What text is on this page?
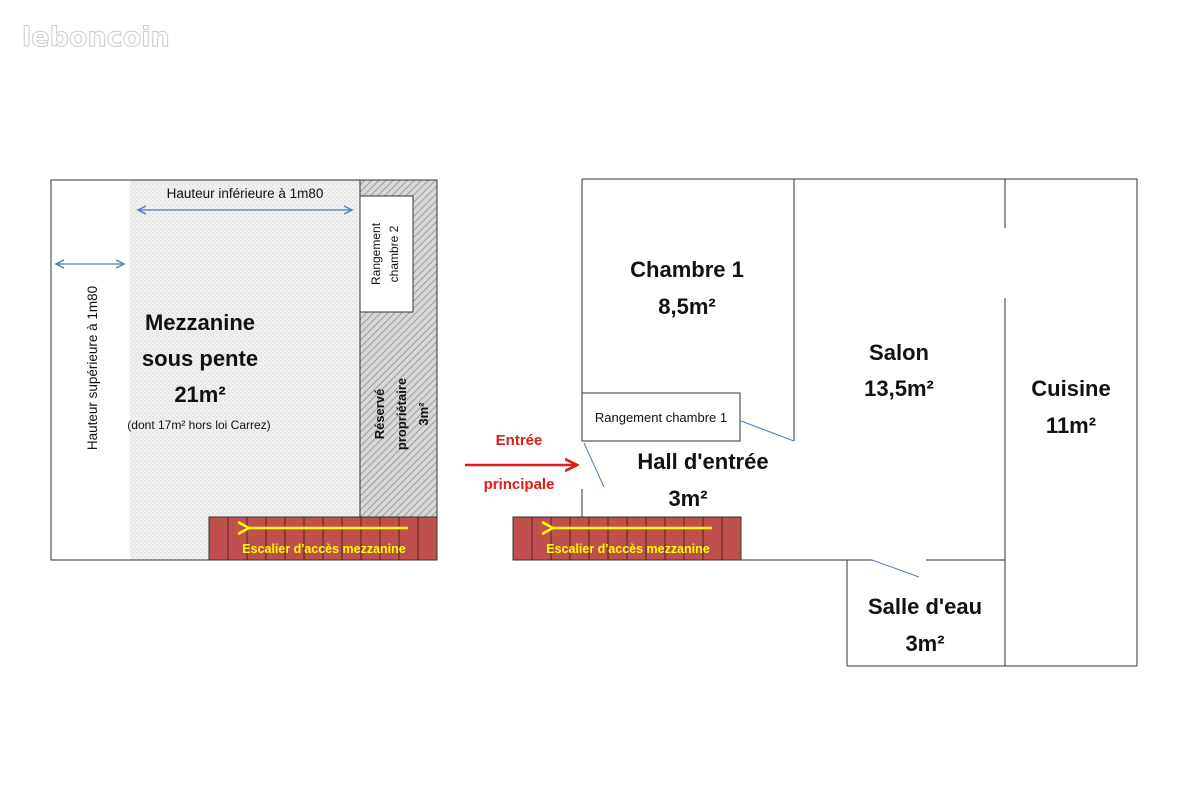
leboncoin
Hauteur inférieure à 1m80
Hauteur supérieure à 1m80 Mezzanine
sous pente
21m²
(dont 17m² hors loi Carrez)
Rangement chambre 2
Réservé propriétaire 3m²
Escalier d'accès mezzanine
Entrée
principale
Chambre 1
8,5m²
Rangement chambre 1
Salon
13,5m²	Cuisine
11m²
Hall d'entrée
3m²
Salle d'eau
3m²
Escalier d'accès mezzanine
